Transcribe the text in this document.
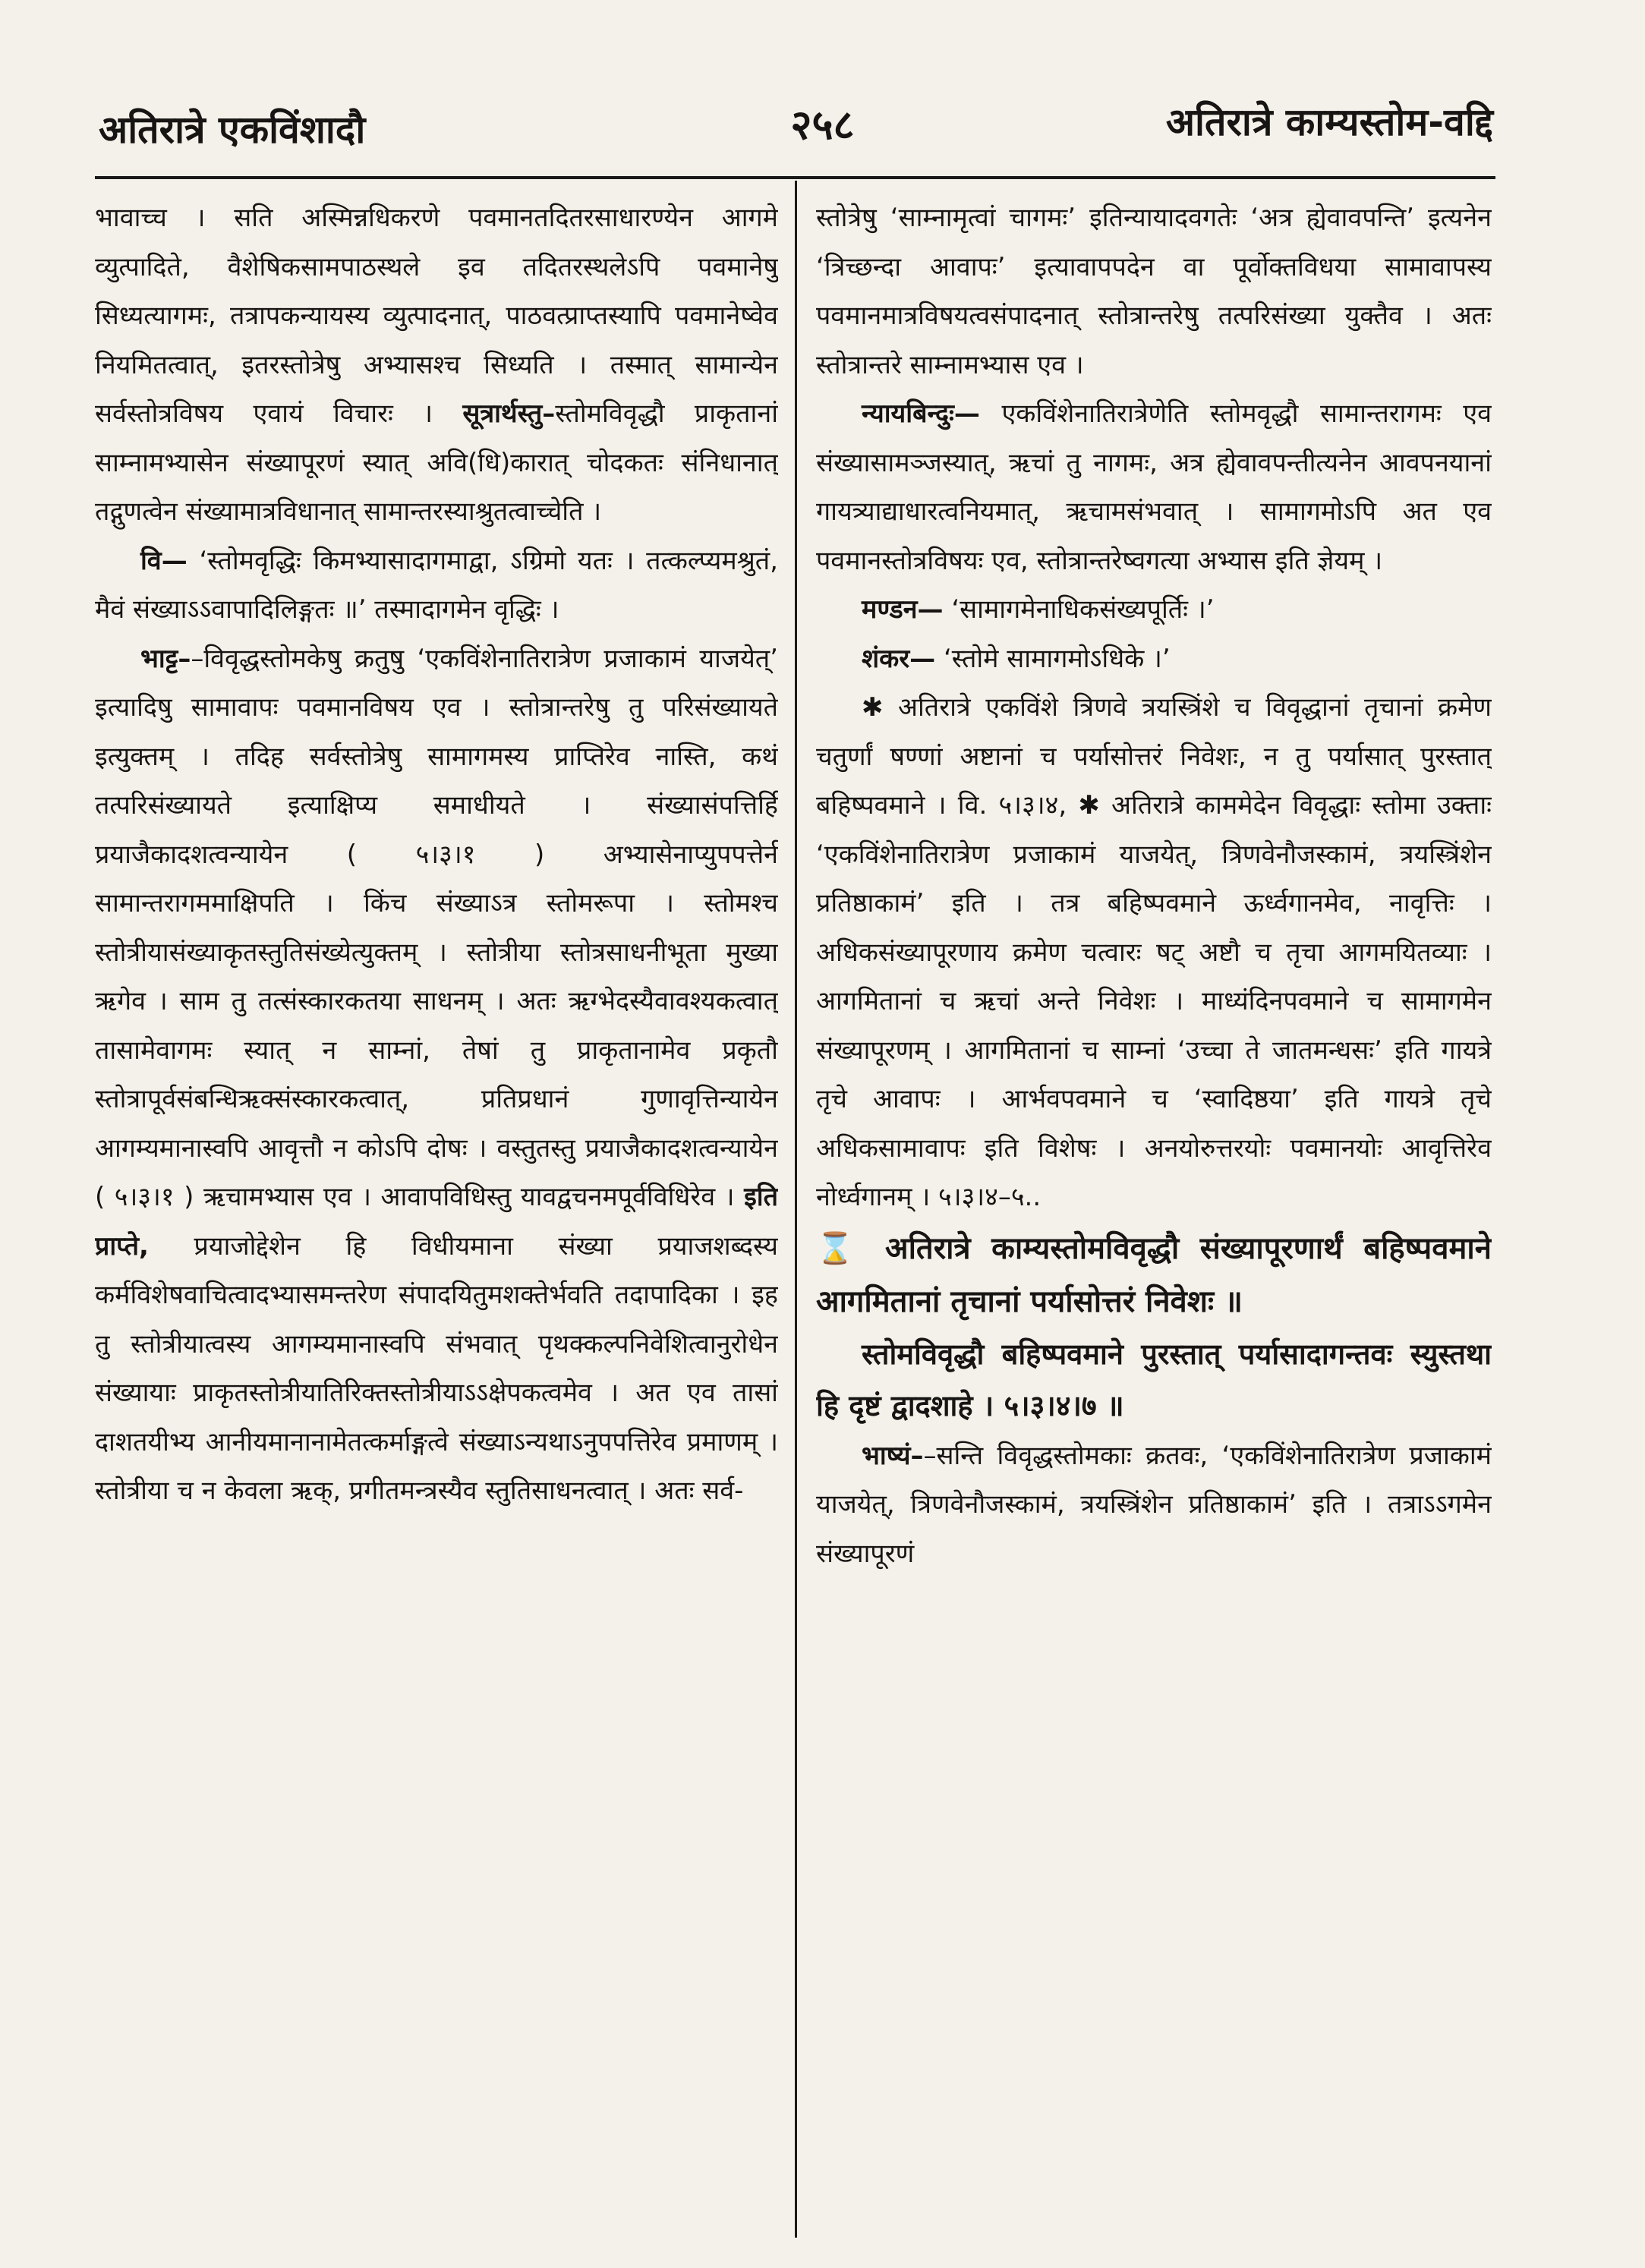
अतिरात्रे एकविंशादौ	२५८	अतिरात्रे काम्यस्तोम-वद्दि

भावाच्च । सति अस्मिन्नधिकरणे पवमानतदितरसाधारण्येन आगमे व्युत्पादिते, वैशेषिकसामपाठस्थले इव तदितरस्थलेऽपि पवमानेषु सिध्यत्यागमः, तत्रापकन्यायस्य व्युत्पादनात्, पाठवत्प्राप्तस्यापि पवमानेष्वेव नियमितत्वात्, इतरस्तोत्रेषु अभ्यासश्च सिध्यति । तस्मात् सामान्येन सर्वस्तोत्रविषय एवायं विचारः । सूत्रार्थस्तु–स्तोमविवृद्धौ प्राकृतानां साम्नामभ्यासेन संख्यापूरणं स्यात् अवि(धि)कारात् चोदकतः संनिधानात् तद्गुणत्वेन संख्यामात्रविधानात् सामान्तरस्याश्रुतत्वाच्चेति ।

वि— ‘स्तोमवृद्धिः किमभ्यासादागमाद्वा, ऽग्रिमो यतः । तत्कल्प्यमश्रुतं, मैवं संख्याऽऽवापादिलिङ्गतः ॥’ तस्मादागमेन वृद्धिः ।

भाट्ट––विवृद्धस्तोमकेषु क्रतुषु ‘एकविंशेनातिरात्रेण प्रजाकामं याजयेत्’ इत्यादिषु सामावापः पवमानविषय एव । स्तोत्रान्तरेषु तु परिसंख्यायते इत्युक्तम् । तदिह सर्वस्तोत्रेषु सामागमस्य प्राप्तिरेव नास्ति, कथं तत्परिसंख्यायते इत्याक्षिप्य समाधीयते । संख्यासंपत्तिर्हि प्रयाजैकादशत्वन्यायेन ( ५।३।१ ) अभ्यासेनाप्युपपत्तेर्न सामान्तरागममाक्षिपति । किंच संख्याऽत्र स्तोमरूपा । स्तोमश्च स्तोत्रीयासंख्याकृतस्तुतिसंख्येत्युक्तम् । स्तोत्रीया स्तोत्रसाधनीभूता मुख्या ऋगेव । साम तु तत्संस्कारकतया साधनम् । अतः ऋग्भेदस्यैवावश्यकत्वात् तासामेवागमः स्यात् न साम्नां, तेषां तु प्राकृतानामेव प्रकृतौ स्तोत्रापूर्वसंबन्धिऋक्संस्कारकत्वात्, प्रतिप्रधानं गुणावृत्तिन्यायेन आगम्यमानास्वपि आवृत्तौ न कोऽपि दोषः । वस्तुतस्तु प्रयाजैकादशत्वन्यायेन ( ५।३।१ ) ऋचामभ्यास एव । आवापविधिस्तु यावद्वचनमपूर्वविधिरेव । इति प्राप्ते, प्रयाजोद्देशेन हि विधीयमाना संख्या प्रयाजशब्दस्य कर्मविशेषवाचित्वादभ्यासमन्तरेण संपादयितुमशक्तेर्भवति तदापादिका । इह तु स्तोत्रीयात्वस्य आगम्यमानास्वपि संभवात् पृथक्कल्पनिवेशित्वानुरोधेन संख्यायाः प्राकृतस्तोत्रीयातिरिक्तस्तोत्रीयाऽऽक्षेपकत्वमेव । अत एव तासां दाशतयीभ्य आनीयमानानामेतत्कर्माङ्गत्वे संख्याऽन्यथाऽनुपपत्तिरेव प्रमाणम् । स्तोत्रीया च न केवला ऋक्, प्रगीतमन्त्रस्यैव स्तुतिसाधनत्वात् । अतः सर्व-

स्तोत्रेषु ‘साम्नामृत्वां चागमः’ इतिन्यायादवगतेः ‘अत्र ह्येवावपन्ति’ इत्यनेन ‘त्रिच्छन्दा आवापः’ इत्यावापपदेन वा पूर्वोक्तविधया सामावापस्य पवमानमात्रविषयत्वसंपादनात् स्तोत्रान्तरेषु तत्परिसंख्या युक्तैव । अतः स्तोत्रान्तरे साम्नामभ्यास एव ।

न्यायबिन्दुः— एकविंशेनातिरात्रेणेति स्तोमवृद्धौ सामान्तरागमः एव संख्यासामञ्जस्यात्, ऋचां तु नागमः, अत्र ह्येवावपन्तीत्यनेन आवपनयानां गायत्र्याद्याधारत्वनियमात्, ऋचामसंभवात् । सामागमोऽपि अत एव पवमानस्तोत्रविषयः एव, स्तोत्रान्तरेष्वगत्या अभ्यास इति ज्ञेयम् ।

मण्डन— ‘सामागमेनाधिकसंख्यपूर्तिः ।’

शंकर— ‘स्तोमे सामागमोऽधिके ।’

✱ अतिरात्रे एकविंशे त्रिणवे त्रयस्त्रिंशे च विवृद्धानां तृचानां क्रमेण चतुर्णां षण्णां अष्टानां च पर्यासोत्तरं निवेशः, न तु पर्यासात् पुरस्तात् बहिष्पवमाने । वि. ५।३।४, ✱ अतिरात्रे काममेदेन विवृद्धाः स्तोमा उक्ताः ‘एकविंशेनातिरात्रेण प्रजाकामं याजयेत्, त्रिणवेनौजस्कामं, त्रयस्त्रिंशेन प्रतिष्ठाकामं’ इति । तत्र बहिष्पवमाने ऊर्ध्वगानमेव, नावृत्तिः । अधिकसंख्यापूरणाय क्रमेण चत्वारः षट् अष्टौ च तृचा आगमयितव्याः । आगमितानां च ऋचां अन्ते निवेशः । माध्यंदिनपवमाने च सामागमेन संख्यापूरणम् । आगमितानां च साम्नां ‘उच्चा ते जातमन्धसः’ इति गायत्रे तृचे आवापः । आर्भवपवमाने च ‘स्वादिष्ठया’ इति गायत्रे तृचे अधिकसामावापः इति विशेषः । अनयोरुत्तरयोः पवमानयोः आवृत्तिरेव नोर्ध्वगानम् । ५।३।४–५..

⌛ अतिरात्रे काम्यस्तोमविवृद्धौ संख्यापूरणार्थं बहिष्पवमाने आगमितानां तृचानां पर्यासोत्तरं निवेशः ॥

स्तोमविवृद्धौ बहिष्पवमाने पुरस्तात् पर्यासादागन्तवः स्युस्तथा हि दृष्टं द्वादशाहे । ५।३।४।७ ॥

भाष्यं––सन्ति विवृद्धस्तोमकाः क्रतवः, ‘एकविंशेनातिरात्रेण प्रजाकामं याजयेत्, त्रिणवेनौजस्कामं, त्रयस्त्रिंशेन प्रतिष्ठाकामं’ इति । तत्राऽऽगमेन संख्यापूरणं
